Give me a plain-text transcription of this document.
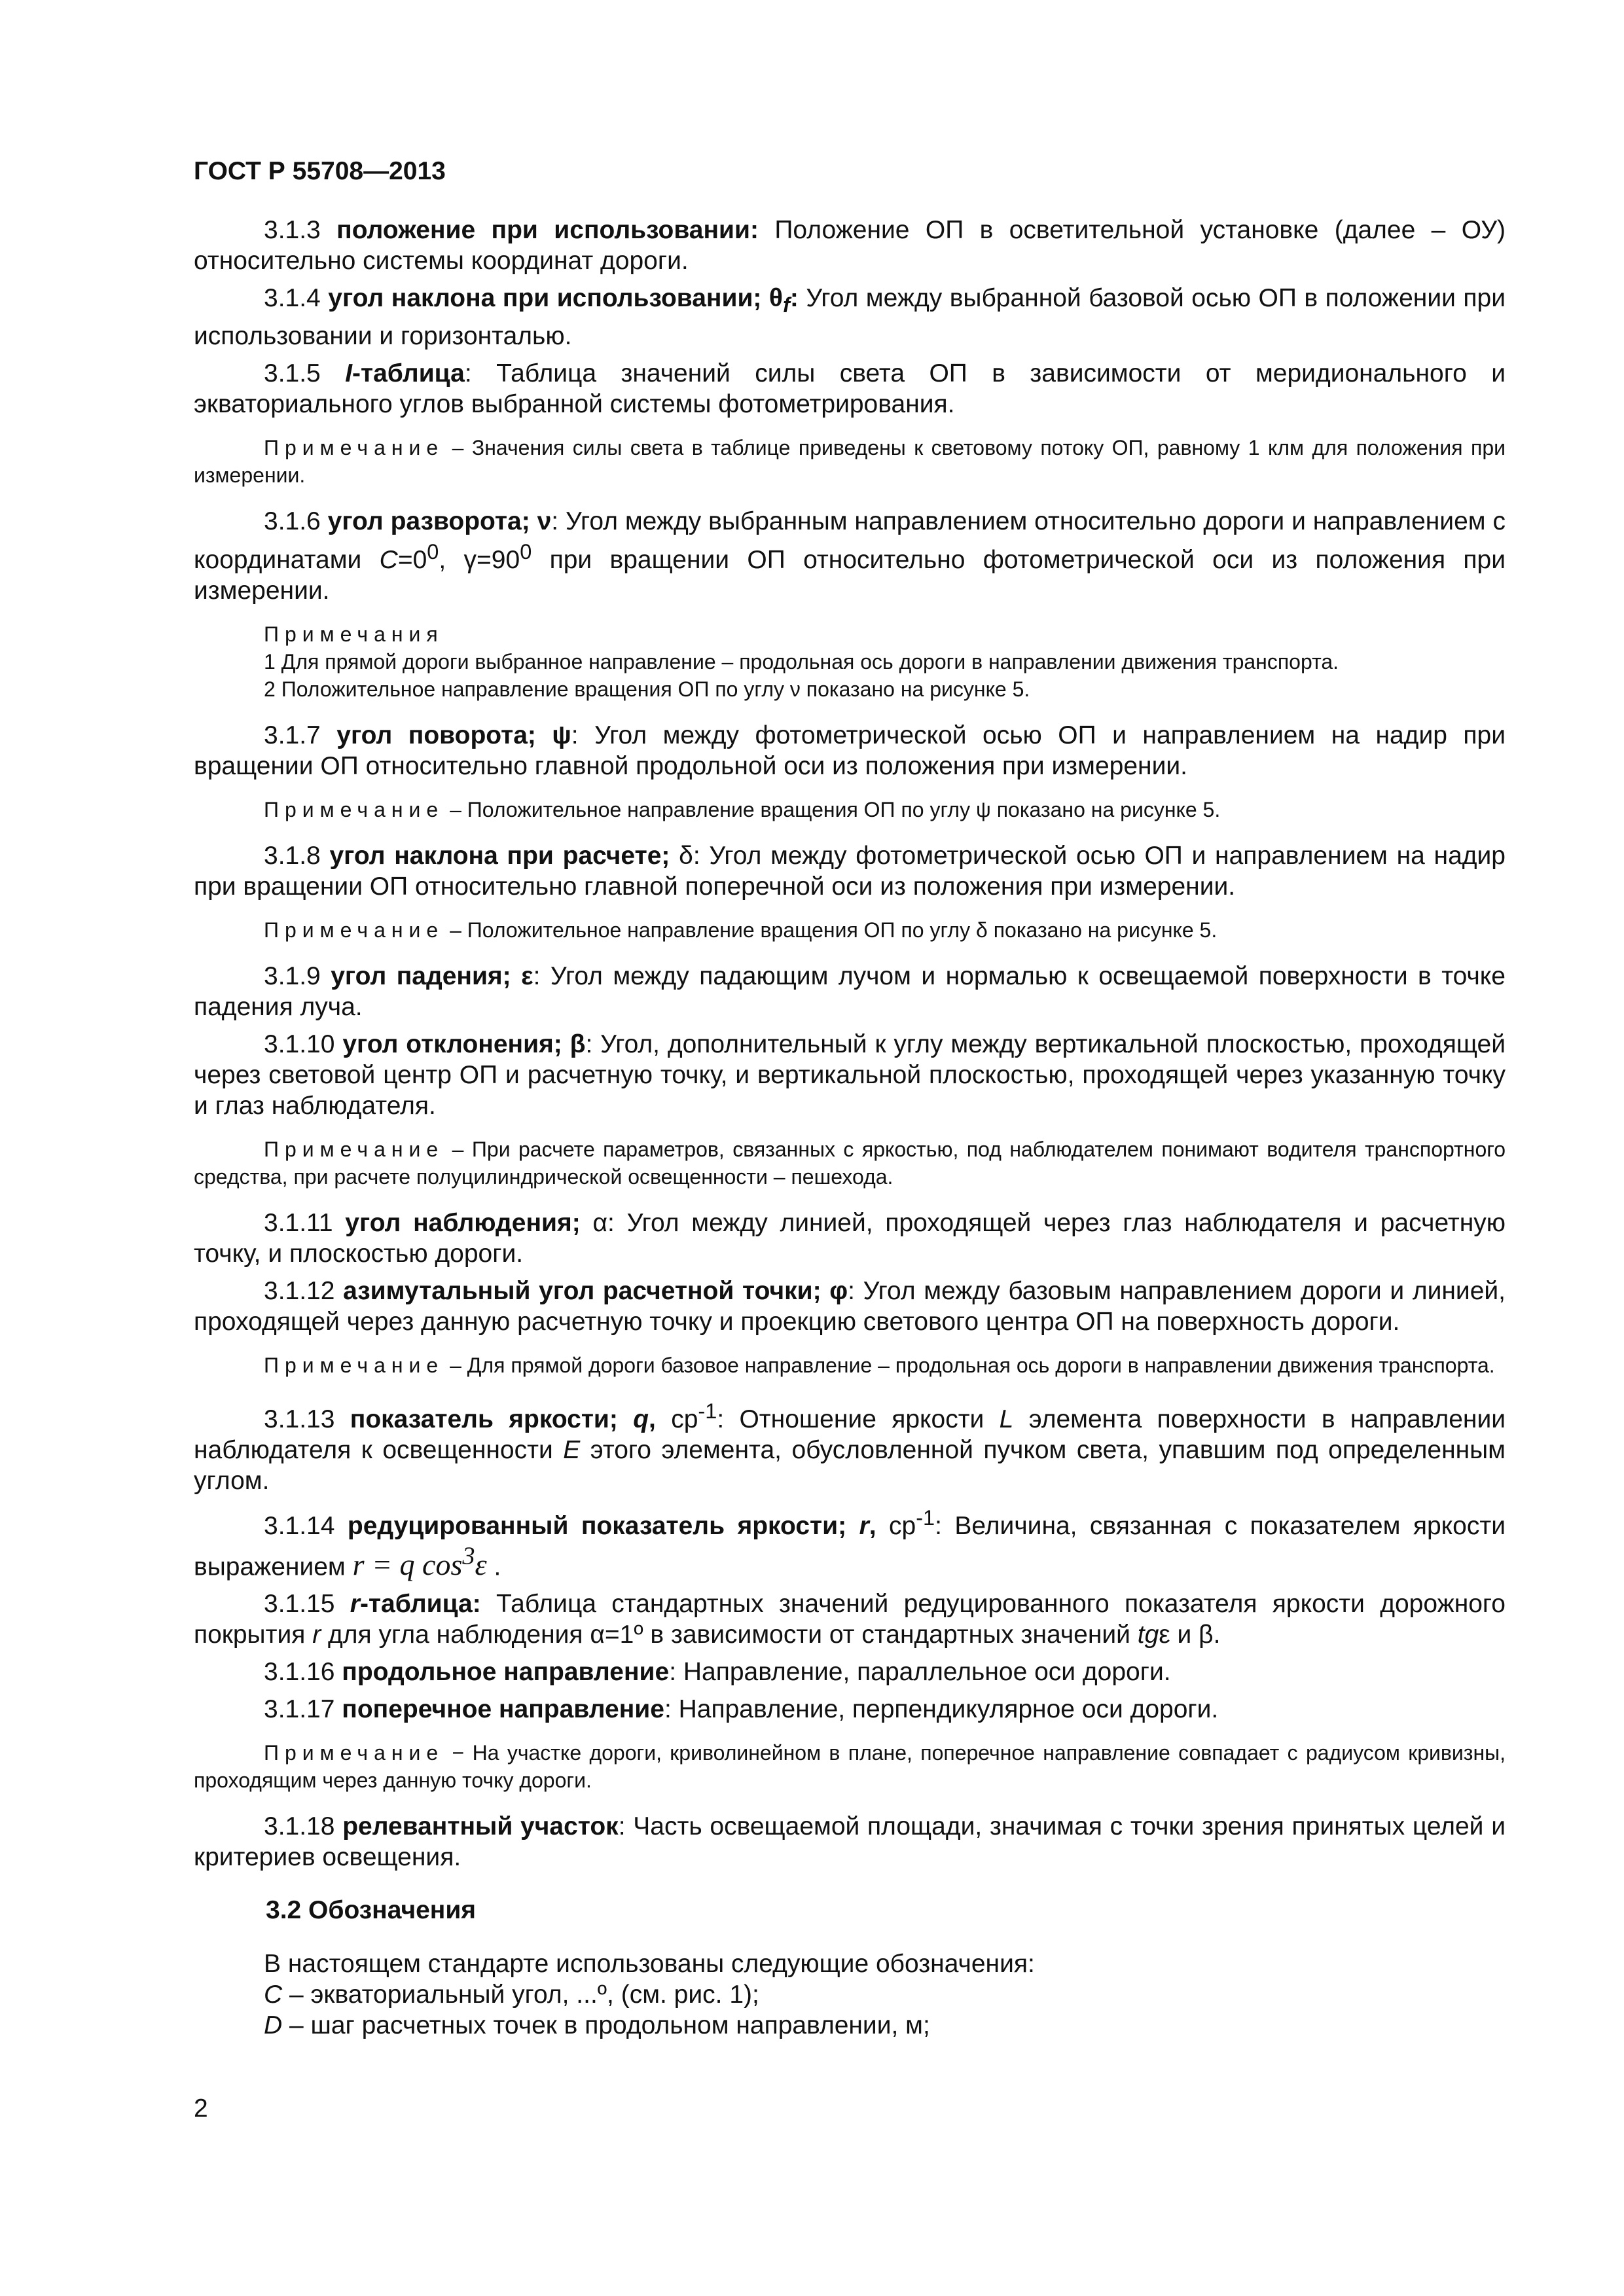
ГОСТ Р 55708—2013

3.1.3 положение при использовании: Положение ОП в осветительной установке (далее – ОУ) относительно системы координат дороги.

3.1.4 угол наклона при использовании; $\theta_f$: Угол между выбранной базовой осью ОП в положении при использовании и горизонталью.

3.1.5 I-таблица: Таблица значений силы света ОП в зависимости от меридионального и экваториального углов выбранной системы фотометрирования.

Примечание – Значения силы света в таблице приведены к световому потоку ОП, равному 1 клм для положения при измерении.

3.1.6 угол разворота; ν: Угол между выбранным направлением относительно дороги и направлением с координатами $C=0^0$, $\gamma=90^0$ при вращении ОП относительно фотометрической оси из положения при измерении.

Примечания

1 Для прямой дороги выбранное направление – продольная ось дороги в направлении движения транспорта.

2 Положительное направление вращения ОП по углу ν показано на рисунке 5.

3.1.7 угол поворота; ψ: Угол между фотометрической осью ОП и направлением на надир при вращении ОП относительно главной продольной оси из положения при измерении.

Примечание – Положительное направление вращения ОП по углу ψ показано на рисунке 5.

3.1.8 угол наклона при расчете; δ: Угол между фотометрической осью ОП и направлением на надир при вращении ОП относительно главной поперечной оси из положения при измерении.

Примечание – Положительное направление вращения ОП по углу δ показано на рисунке 5.

3.1.9 угол падения; ε: Угол между падающим лучом и нормалью к освещаемой поверхности в точке падения луча.

3.1.10 угол отклонения; β: Угол, дополнительный к углу между вертикальной плоскостью, проходящей через световой центр ОП и расчетную точку, и вертикальной плоскостью, проходящей через указанную точку и глаз наблюдателя.

Примечание – При расчете параметров, связанных с яркостью, под наблюдателем понимают водителя транспортного средства, при расчете полуцилиндрической освещенности – пешехода.

3.1.11 угол наблюдения; α: Угол между линией, проходящей через глаз наблюдателя и расчетную точку, и плоскостью дороги.

3.1.12 азимутальный угол расчетной точки; φ: Угол между базовым направлением дороги и линией, проходящей через данную расчетную точку и проекцию светового центра ОП на поверхность дороги.

Примечание – Для прямой дороги базовое направление – продольная ось дороги в направлении движения транспорта.

3.1.13 показатель яркости; q, $ср^{-1}$: Отношение яркости L элемента поверхности в направлении наблюдателя к освещенности E этого элемента, обусловленной пучком света, упавшим под определенным углом.

3.1.14 редуцированный показатель яркости; r, $ср^{-1}$: Величина, связанная с показателем яркости выражением r = q $\cos^3\varepsilon$ .

3.1.15 r-таблица: Таблица стандартных значений редуцированного показателя яркости дорожного покрытия r для угла наблюдения α=1º в зависимости от стандартных значений tgε и β.

3.1.16 продольное направление: Направление, параллельное оси дороги.

3.1.17 поперечное направление: Направление, перпендикулярное оси дороги.

Примечание − На участке дороги, криволинейном в плане, поперечное направление совпадает с радиусом кривизны, проходящим через данную точку дороги.

3.1.18 релевантный участок: Часть освещаемой площади, значимая с точки зрения принятых целей и критериев освещения.

3.2 Обозначения

В настоящем стандарте использованы следующие обозначения:

C – экваториальный угол, ...º, (см. рис. 1);

D – шаг расчетных точек в продольном направлении, м;

2
